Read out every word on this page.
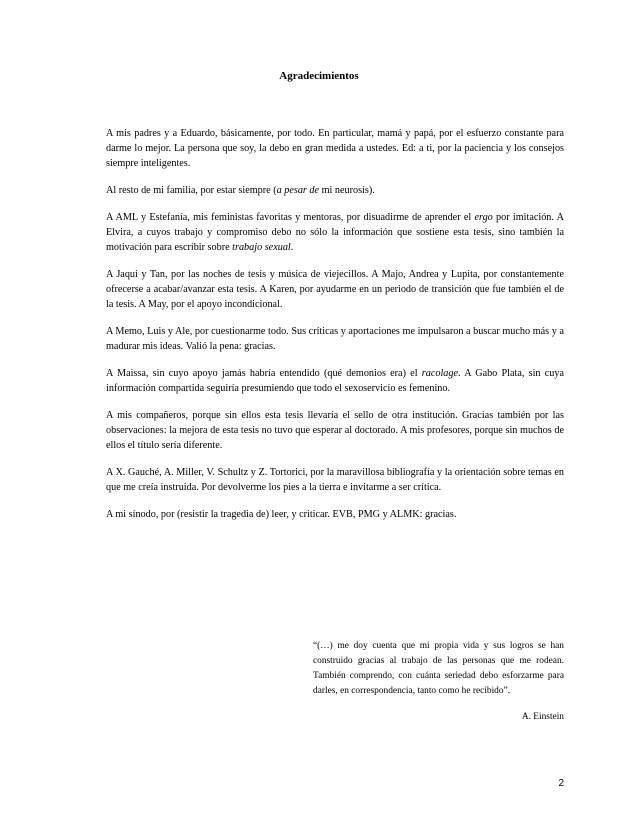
Agradecimientos

A mis padres y a Eduardo, básicamente, por todo. En particular, mamá y papá, por el esfuerzo constante para darme lo mejor. La persona que soy, la debo en gran medida a ustedes. Ed: a ti, por la paciencia y los consejos siempre inteligentes.

Al resto de mi familia, por estar siempre (a pesar de mi neurosis).

A AML y Estefanía, mis feministas favoritas y mentoras, por disuadirme de aprender el ergo por imitación. A Elvira, a cuyos trabajo y compromiso debo no sólo la información que sostiene esta tesis, sino también la motivación para escribir sobre trabajo sexual.

A Jaqui y Tan, por las noches de tesis y música de viejecillos. A Majo, Andrea y Lupita, por constantemente ofrecerse a acabar/avanzar esta tesis. A Karen, por ayudarme en un periodo de transición que fue también el de la tesis. A May, por el apoyo incondicional.

A Memo, Luis y Ale, por cuestionarme todo. Sus críticas y aportaciones me impulsaron a buscar mucho más y a madurar mis ideas. Valió la pena: gracias.

A Maissa, sin cuyo apoyo jamás habría entendido (qué demonios era) el racolage. A Gabo Plata, sin cuya información compartida seguiría presumiendo que todo el sexoservicio es femenino.

A mis compañeros, porque sin ellos esta tesis llevaría el sello de otra institución. Gracias también por las observaciones: la mejora de esta tesis no tuvo que esperar al doctorado. A mis profesores, porque sin muchos de ellos el título sería diferente.

A X. Gauché, A. Miller, V. Schultz y Z. Tortorici, por la maravillosa bibliografía y la orientación sobre temas en que me creía instruida. Por devolverme los pies a la tierra e invitarme a ser crítica.

A mi sínodo, por (resistir la tragedia de) leer, y criticar. EVB, PMG y ALMK: gracias.

“(…) me doy cuenta que mi propia vida y sus logros se han construido gracias al trabajo de las personas que me rodean. También comprendo, con cuánta seriedad debo esforzarme para darles, en correspondencia, tanto como he recibido”.
A. Einstein
2
